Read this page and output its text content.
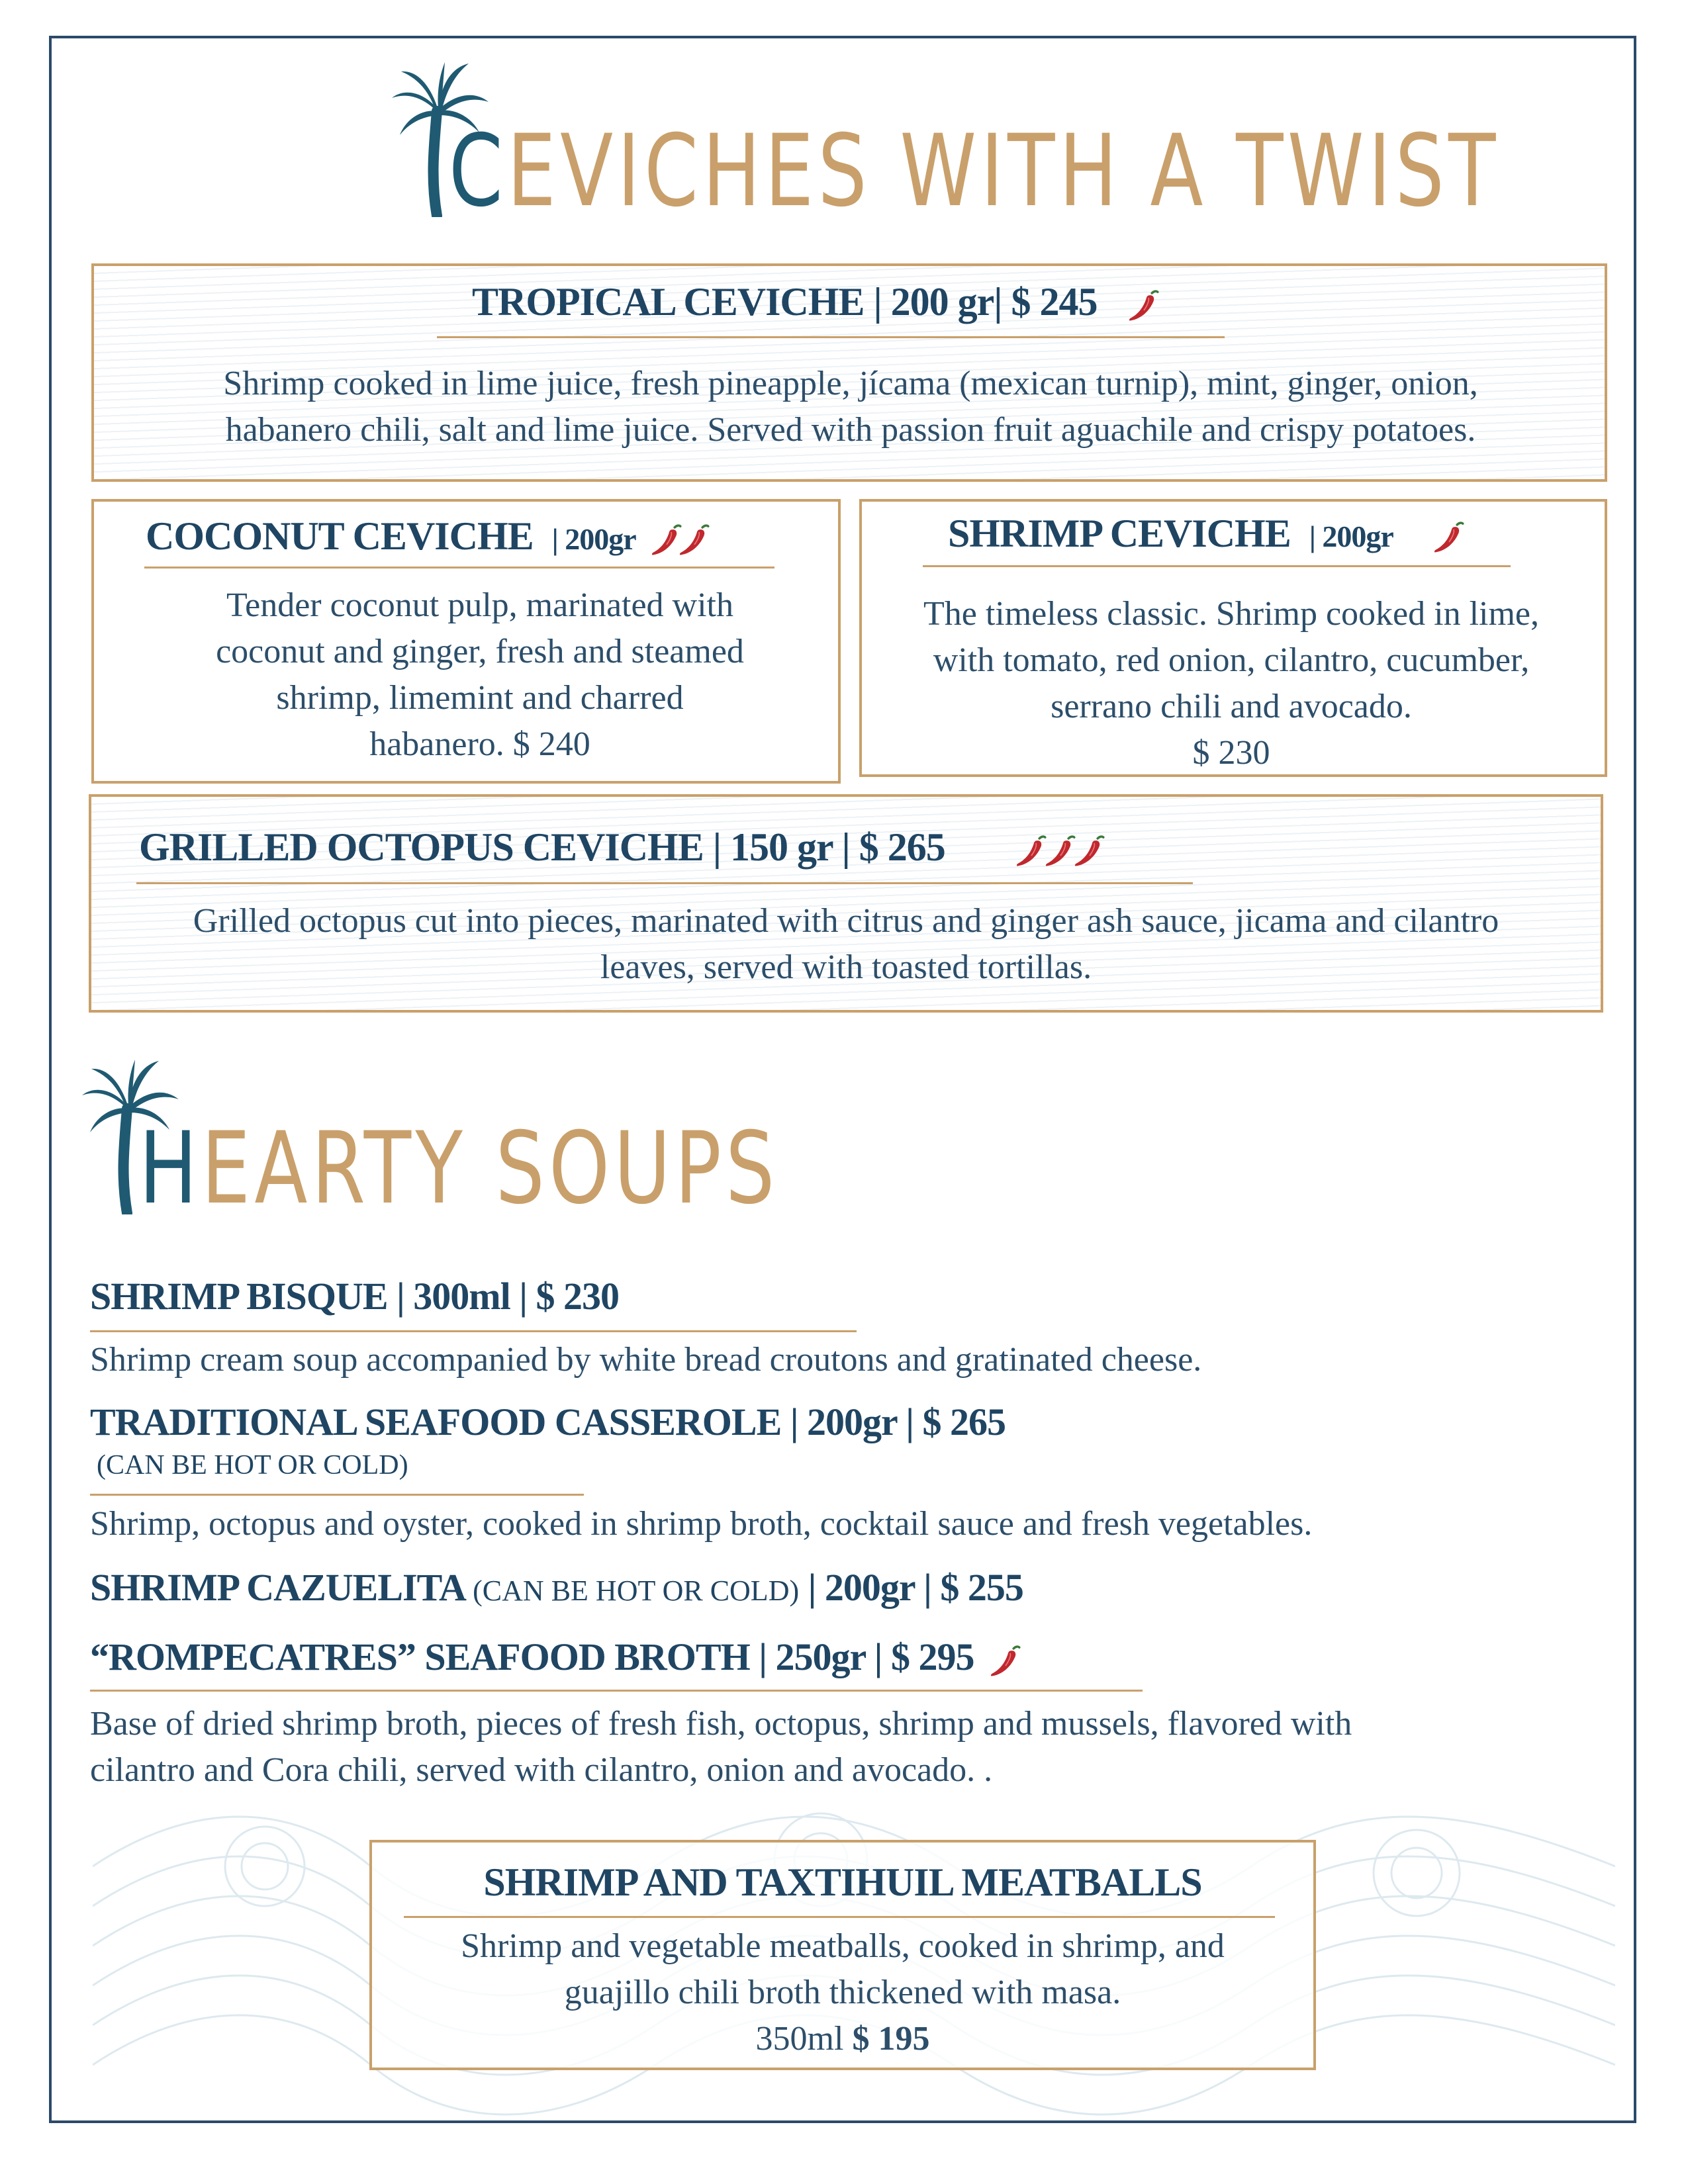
CEVICHES WITH A TWIST
TROPICAL CEVICHE | 200 gr| $ 245
Shrimp cooked in lime juice, fresh pineapple, jícama (mexican turnip), mint, ginger, onion,
habanero chili, salt and lime juice. Served with passion fruit aguachile and crispy potatoes.
COCONUT CEVICHE | 200gr
Tender coconut pulp, marinated with
coconut and ginger, fresh and steamed
shrimp, limemint and charred
habanero. $ 240
SHRIMP CEVICHE | 200gr
The timeless classic. Shrimp cooked in lime,
with tomato, red onion, cilantro, cucumber,
serrano chili and avocado.
$ 230
GRILLED OCTOPUS CEVICHE | 150 gr | $ 265
Grilled octopus cut into pieces, marinated with citrus and ginger ash sauce, jicama and cilantro
leaves, served with toasted tortillas.
HEARTY SOUPS
SHRIMP BISQUE | 300ml | $ 230
Shrimp cream soup accompanied by white bread croutons and gratinated cheese.
TRADITIONAL SEAFOOD CASSEROLE | 200gr | $ 265
(CAN BE HOT OR COLD)
Shrimp, octopus and oyster, cooked in shrimp broth, cocktail sauce and fresh vegetables.
SHRIMP CAZUELITA (CAN BE HOT OR COLD) | 200gr | $ 255
“ROMPECATRES” SEAFOOD BROTH | 250gr | $ 295
Base of dried shrimp broth, pieces of fresh fish, octopus, shrimp and mussels, flavored with
cilantro and Cora chili, served with cilantro, onion and avocado. .
SHRIMP AND TAXTIHUIL MEATBALLS
Shrimp and vegetable meatballs, cooked in shrimp, and
guajillo chili broth thickened with masa.
350ml $ 195
